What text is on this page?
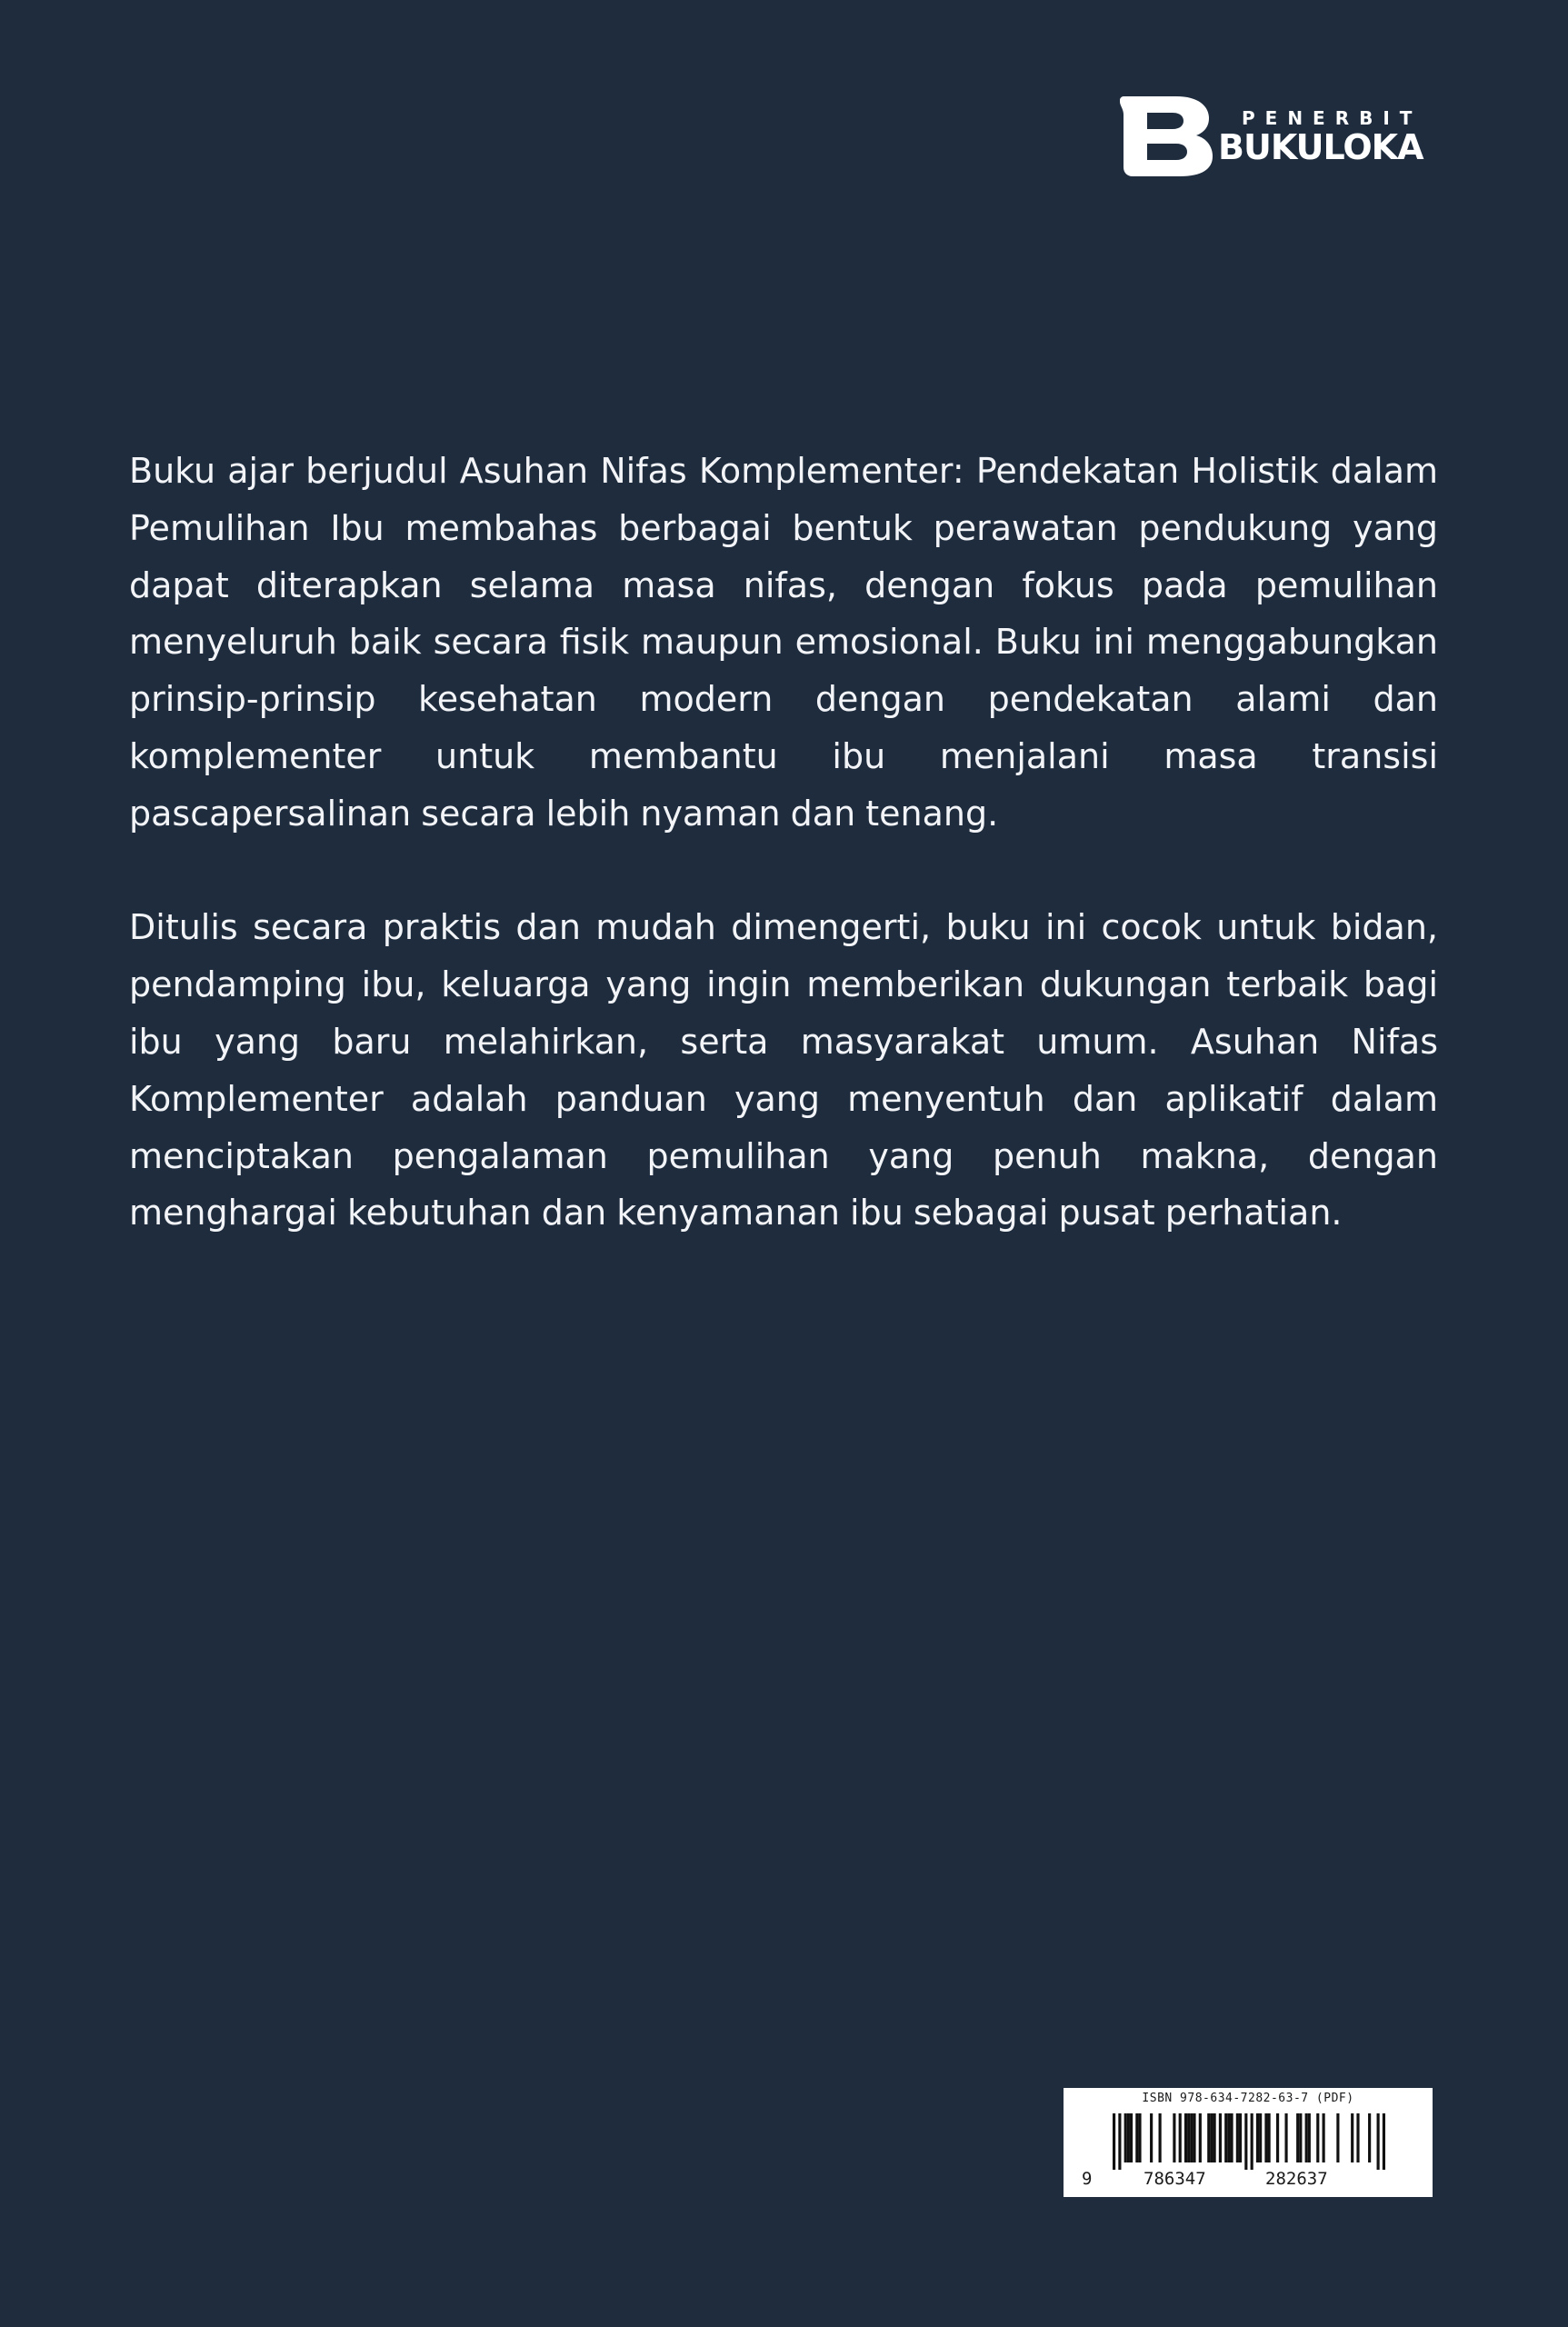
PENERBIT
BUKULOKA

Buku ajar berjudul Asuhan Nifas Komplementer: Pendekatan Holistik dalam Pemulihan Ibu membahas berbagai bentuk perawatan pendukung yang dapat diterapkan selama masa nifas, dengan fokus pada pemulihan menyeluruh baik secara fisik maupun emosional. Buku ini menggabungkan prinsip-prinsip kesehatan modern dengan pendekatan alami dan komplementer untuk membantu ibu menjalani masa transisi pascapersalinan secara lebih nyaman dan tenang.

Ditulis secara praktis dan mudah dimengerti, buku ini cocok untuk bidan, pendamping ibu, keluarga yang ingin memberikan dukungan terbaik bagi ibu yang baru melahirkan, serta masyarakat umum. Asuhan Nifas Komplementer adalah panduan yang menyentuh dan aplikatif dalam menciptakan pengalaman pemulihan yang penuh makna, dengan menghargai kebutuhan dan kenyamanan ibu sebagai pusat perhatian.

ISBN 978-634-7282-63-7 (PDF)
9	786347	282637
